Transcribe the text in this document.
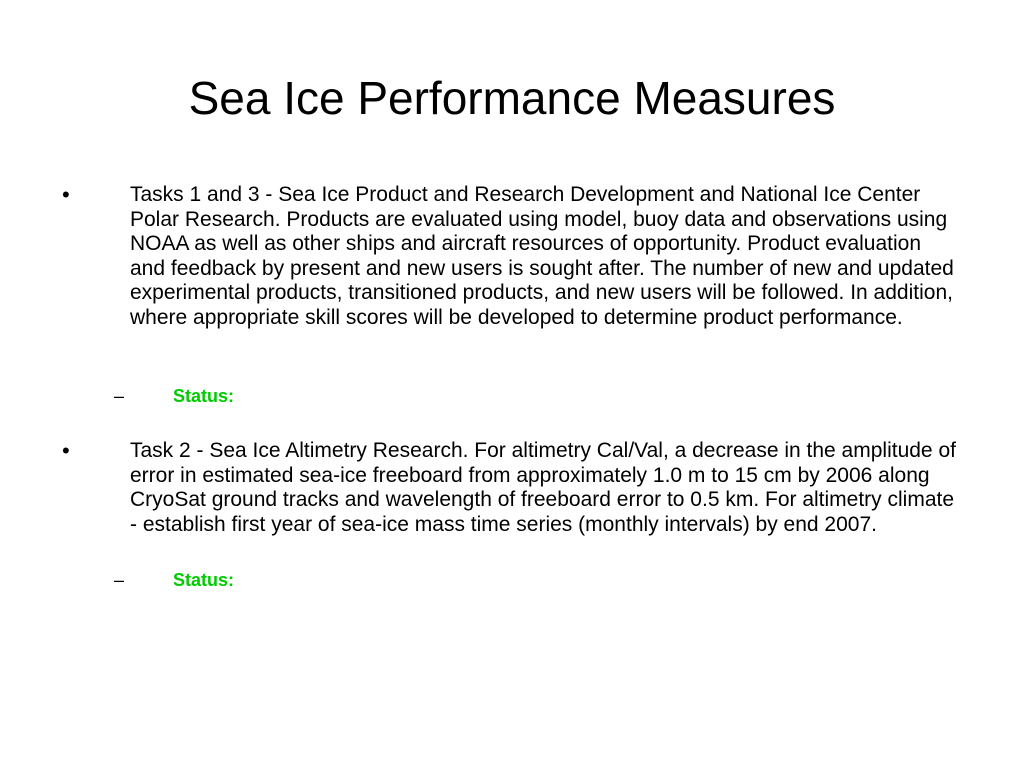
Sea Ice Performance Measures
•	Tasks 1 and 3 - Sea Ice Product and Research Development and National Ice Center Polar Research. Products are evaluated using model, buoy data and observations using NOAA as well as other ships and aircraft resources of opportunity. Product evaluation and feedback by present and new users is sought after. The number of new and updated experimental products, transitioned products, and new users will be followed. In addition, where appropriate skill scores will be developed to determine product performance.

–	Status:
•	Task 2 - Sea Ice Altimetry Research. For altimetry Cal/Val, a decrease in the amplitude of error in estimated sea-ice freeboard from approximately 1.0 m to 15 cm by 2006 along CryoSat ground tracks and wavelength of freeboard error to 0.5 km. For altimetry climate - establish first year of sea-ice mass time series (monthly intervals) by end 2007.

–	Status:
